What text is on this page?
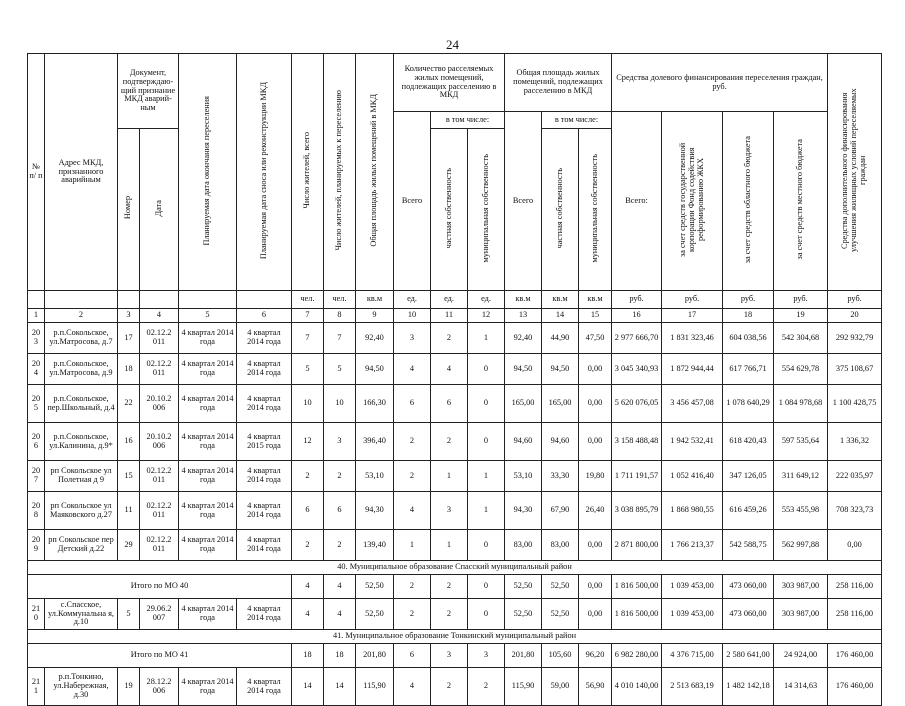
24
№ п/ п	Адрес МКД, признанного аварийным	Документ, подтверждаю-щий признание МКД аварий-ным		Планируемая дата окончания переселения	Планируемая дата сноса или реконструкции МКД	Число жителей, всего	Число жителей, планируемых к переселению	Общая площадь жилых помещений в МКД	Количество расселяемых жилых помещений, подлежащих расселению в МКД			Общая площадь жилых помещений, подлежащих расселению в МКД			Средства долевого финансирования переселения граждан, руб.				Средства дополнительного финансирования улучшения жилищных условий переселяемых граждан
									Всего	в том числе:		Всего	в том числе:		Всего:	за счет средств государственной корпорации Фонд содействия реформированию ЖКХ	за счет средств областного бюджета	за счет средств местного бюджета	
		Номер	Дата							частная собственность	муниципальная собственность		частная собственность	муниципальная собственность					

						чел.	чел.	кв.м	ед.	ед.	ед.	кв.м	кв.м	кв.м	руб.	руб.	руб.	руб.	руб.
1	2	3	4	5	6	7	8	9	10	11	12	13	14	15	16	17	18	19	20
20 3	р.п.Сокольское, ул.Матросова, д.7	17	02.12.2 011	4 квартал 2014 года	4 квартал 2014 года	7	7	92,40	3	2	1	92,40	44,90	47,50	2 977 666,70	1 831 323,46	604 038,56	542 304,68	292 932,79
20 4	р.п.Сокольское, ул.Матросова, д.9	18	02.12.2 011	4 квартал 2014 года	4 квартал 2014 года	5	5	94,50	4	4	0	94,50	94,50	0,00	3 045 340,93	1 872 944,44	617 766,71	554 629,78	375 108,67
20 5	р.п.Сокольское, пер.Школьный, д.4	22	20.10.2 006	4 квартал 2014 года	4 квартал 2014 года	10	10	166,30	6	6	0	165,00	165,00	0,00	5 620 076,05	3 456 457,08	1 078 640,29	1 084 978,68	1 100 428,75
20 6	р.п.Сокольское, ул.Калинина, д.9*	16	20.10.2 006	4 квартал 2014 года	4 квартал 2015 года	12	3	396,40	2	2	0	94,60	94,60	0,00	3 158 488,48	1 942 532,41	618 420,43	597 535,64	1 336,32
20 7	рп Сокольское ул Полетная д 9	15	02.12.2 011	4 квартал 2014 года	4 квартал 2014 года	2	2	53,10	2	1	1	53,10	33,30	19,80	1 711 191,57	1 052 416,40	347 126,05	311 649,12	222 035,97
20 8	рп Сокольское ул Маяковского д.27	11	02.12.2 011	4 квартал 2014 года	4 квартал 2014 года	6	6	94,30	4	3	1	94,30	67,90	26,40	3 038 895,79	1 868 980,55	616 459,26	553 455,98	708 323,73
20 9	рп Сокольское пер Детский д.22	29	02.12.2 011	4 квартал 2014 года	4 квартал 2014 года	2	2	139,40	1	1	0	83,00	83,00	0,00	2 871 800,00	1 766 213,37	542 588,75	562 997,88	0,00
40. Муниципальное образование Спасский муниципальный район																			
Итого по МО 40						4	4	52,50	2	2	0	52,50	52,50	0,00	1 816 500,00	1 039 453,00	473 060,00	303 987,00	258 116,00
21 0	с.Спасское, ул.Коммунальна я, д.10	5	29.06.2 007	4 квартал 2014 года	4 квартал 2014 года	4	4	52,50	2	2	0	52,50	52,50	0,00	1 816 500,00	1 039 453,00	473 060,00	303 987,00	258 116,00
41. Муниципальное образование Тонкинский муниципальный район																			
Итого по МО 41						18	18	201,80	6	3	3	201,80	105,60	96,20	6 982 280,00	4 376 715,00	2 580 641,00	24 924,00	176 460,00
21 1	р.п.Тонкино, ул.Набережная, д.30	19	28.12.2 006	4 квартал 2014 года	4 квартал 2014 года	14	14	115,90	4	2	2	115,90	59,00	56,90	4 010 140,00	2 513 683,19	1 482 142,18	14 314,63	176 460,00
